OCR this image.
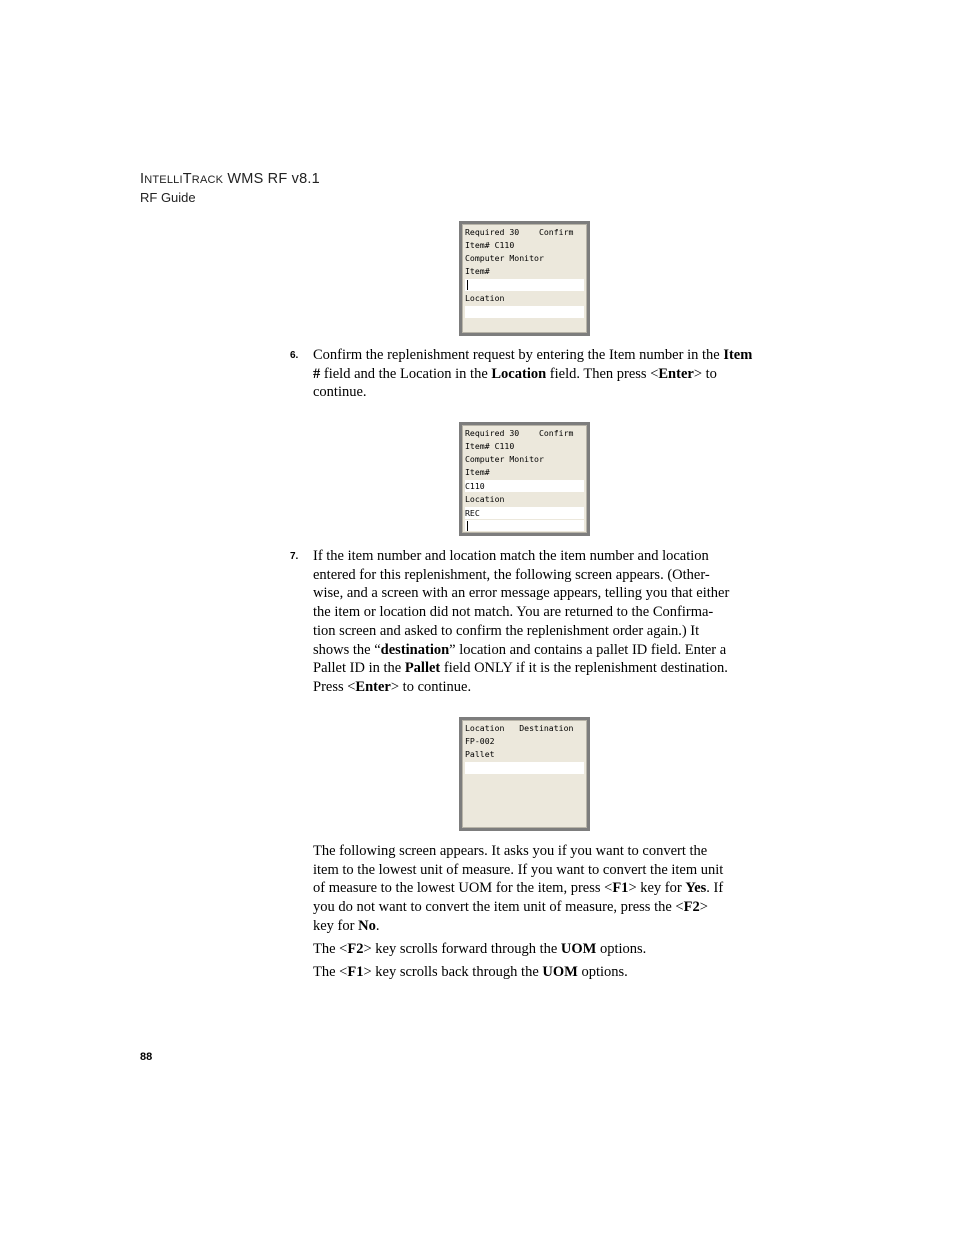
INTELLITRACK WMS RF v8.1
RF Guide
Required 30    Confirm
Item# C110
Computer Monitor
Item#
Location
6. Confirm the replenishment request by entering the Item number in the Item # field and the Location in the Location field. Then press <Enter> to continue.
Required 30    Confirm
Item# C110
Computer Monitor
Item#
C110
Location
REC
7. If the item number and location match the item number and location
entered for this replenishment, the following screen appears. (Other-
wise, and a screen with an error message appears, telling you that either
the item or location did not match. You are returned to the Confirma-
tion screen and asked to confirm the replenishment order again.) It
shows the “destination” location and contains a pallet ID field. Enter a
Pallet ID in the Pallet field ONLY if it is the replenishment destination.
Press <Enter> to continue.
Location   Destination
FP-002
Pallet
The following screen appears. It asks you if you want to convert the
item to the lowest unit of measure. If you want to convert the item unit
of measure to the lowest UOM for the item, press <F1> key for Yes. If
you do not want to convert the item unit of measure, press the <F2>
key for No.
The <F2> key scrolls forward through the UOM options.
The <F1> key scrolls back through the UOM options.
88
